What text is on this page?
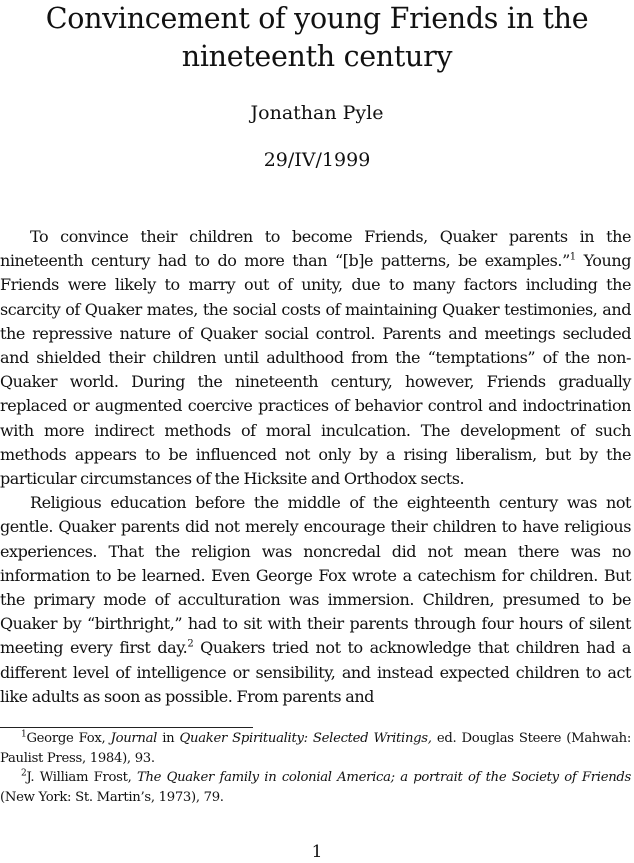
Convincement of young Friends in the nineteenth century
Jonathan Pyle
29/IV/1999

To convince their children to become Friends, Quaker parents in the nineteenth century had to do more than “[b]e patterns, be examples.”$^1$ Young Friends were likely to marry out of unity, due to many factors including the scarcity of Quaker mates, the social costs of maintaining Quaker testimonies, and the repressive nature of Quaker social control. Parents and meetings secluded and shielded their children until adulthood from the “temptations” of the non-Quaker world. During the nineteenth century, however, Friends gradually replaced or augmented coercive practices of behavior control and indoctrination with more indirect methods of moral inculcation. The development of such methods appears to be influenced not only by a rising liberalism, but by the particular circumstances of the Hicksite and Orthodox sects.

Religious education before the middle of the eighteenth century was not gentle. Quaker parents did not merely encourage their children to have religious experiences. That the religion was noncredal did not mean there was no information to be learned. Even George Fox wrote a catechism for children. But the primary mode of acculturation was immersion. Children, presumed to be Quaker by “birthright,” had to sit with their parents through four hours of silent meeting every first day.$^2$ Quakers tried not to acknowledge that children had a different level of intelligence or sensibility, and instead expected children to act like adults as soon as possible. From parents and

$^1$George Fox, Journal in Quaker Spirituality: Selected Writings, ed. Douglas Steere (Mahwah: Paulist Press, 1984), 93.

$^2$J. William Frost, The Quaker family in colonial America; a portrait of the Society of Friends (New York: St. Martin’s, 1973), 79.

1
